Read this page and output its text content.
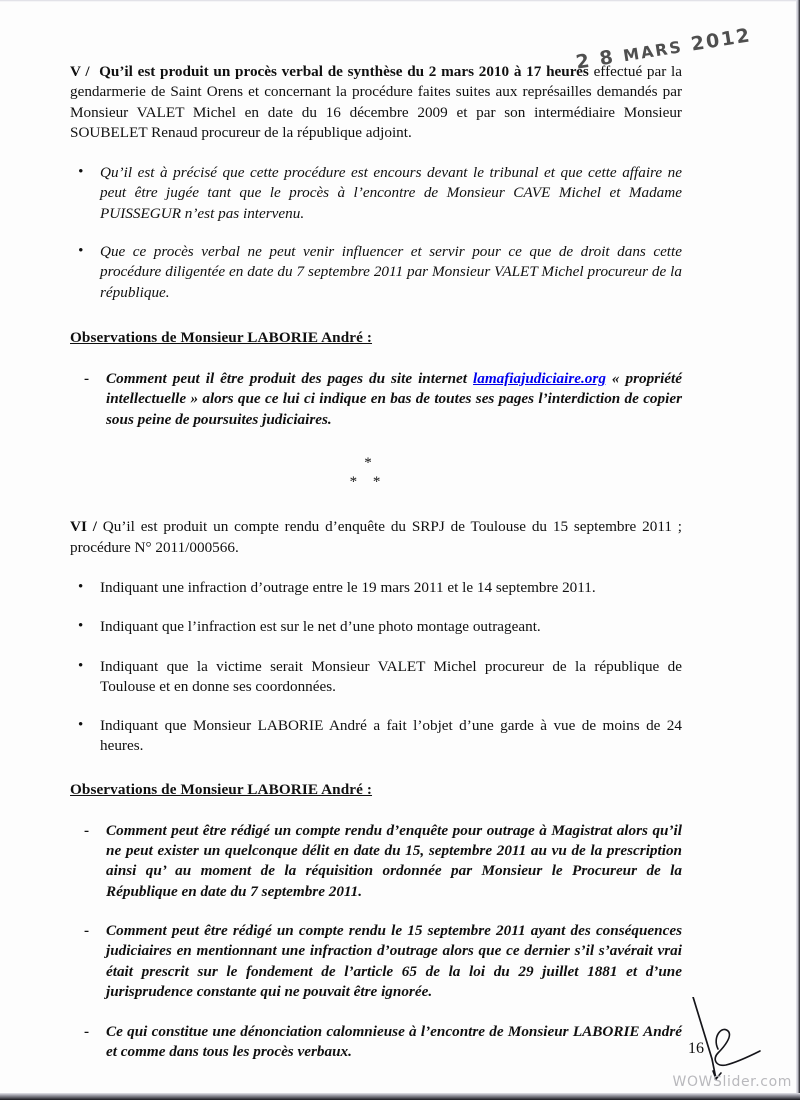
2 8 MARS 2012

V / Qu’il est produit un procès verbal de synthèse du 2 mars 2010 à 17 heures effectué par la gendarmerie de Saint Orens et concernant la procédure faites suites aux représailles demandés par Monsieur VALET Michel en date du 16 décembre 2009 et par son intermédiaire Monsieur SOUBELET Renaud procureur de la république adjoint.

• Qu’il est à précisé que cette procédure est encours devant le tribunal et que cette affaire ne peut être jugée tant que le procès à l’encontre de Monsieur CAVE Michel et Madame PUISSEGUR n’est pas intervenu.
• Que ce procès verbal ne peut venir influencer et servir pour ce que de droit dans cette procédure diligentée en date du 7 septembre 2011 par Monsieur VALET Michel procureur de la république.
Observations de Monsieur LABORIE André :
- Comment peut il être produit des pages du site internet lamafiajudiciaire.org « propriété intellectuelle » alors que ce lui ci indique en bas de toutes ses pages l’interdiction de copier sous peine de poursuites judiciaires.
*
* *

VI / Qu’il est produit un compte rendu d’enquête du SRPJ de Toulouse du 15 septembre 2011 ; procédure N° 2011/000566.

• Indiquant une infraction d’outrage entre le 19 mars 2011 et le 14 septembre 2011.
• Indiquant que l’infraction est sur le net d’une photo montage outrageant.
• Indiquant que la victime serait Monsieur VALET Michel procureur de la république de Toulouse et en donne ses coordonnées.
• Indiquant que Monsieur LABORIE André a fait l’objet d’une garde à vue de moins de 24 heures.
Observations de Monsieur LABORIE André :
- Comment peut être rédigé un compte rendu d’enquête pour outrage à Magistrat alors qu’il ne peut exister un quelconque délit en date du 15, septembre 2011 au vu de la prescription ainsi qu’ au moment de la réquisition ordonnée par Monsieur le Procureur de la République en date du 7 septembre 2011.
- Comment peut être rédigé un compte rendu le 15 septembre 2011 ayant des conséquences judiciaires en mentionnant une infraction d’outrage alors que ce dernier s’il s’avérait vrai était prescrit sur le fondement de l’article 65 de la loi du 29 juillet 1881 et d’une jurisprudence constante qui ne pouvait être ignorée.
- Ce qui constitue une dénonciation calomnieuse à l’encontre de Monsieur LABORIE André et comme dans tous les procès verbaux.	16
WOWSlider.com
